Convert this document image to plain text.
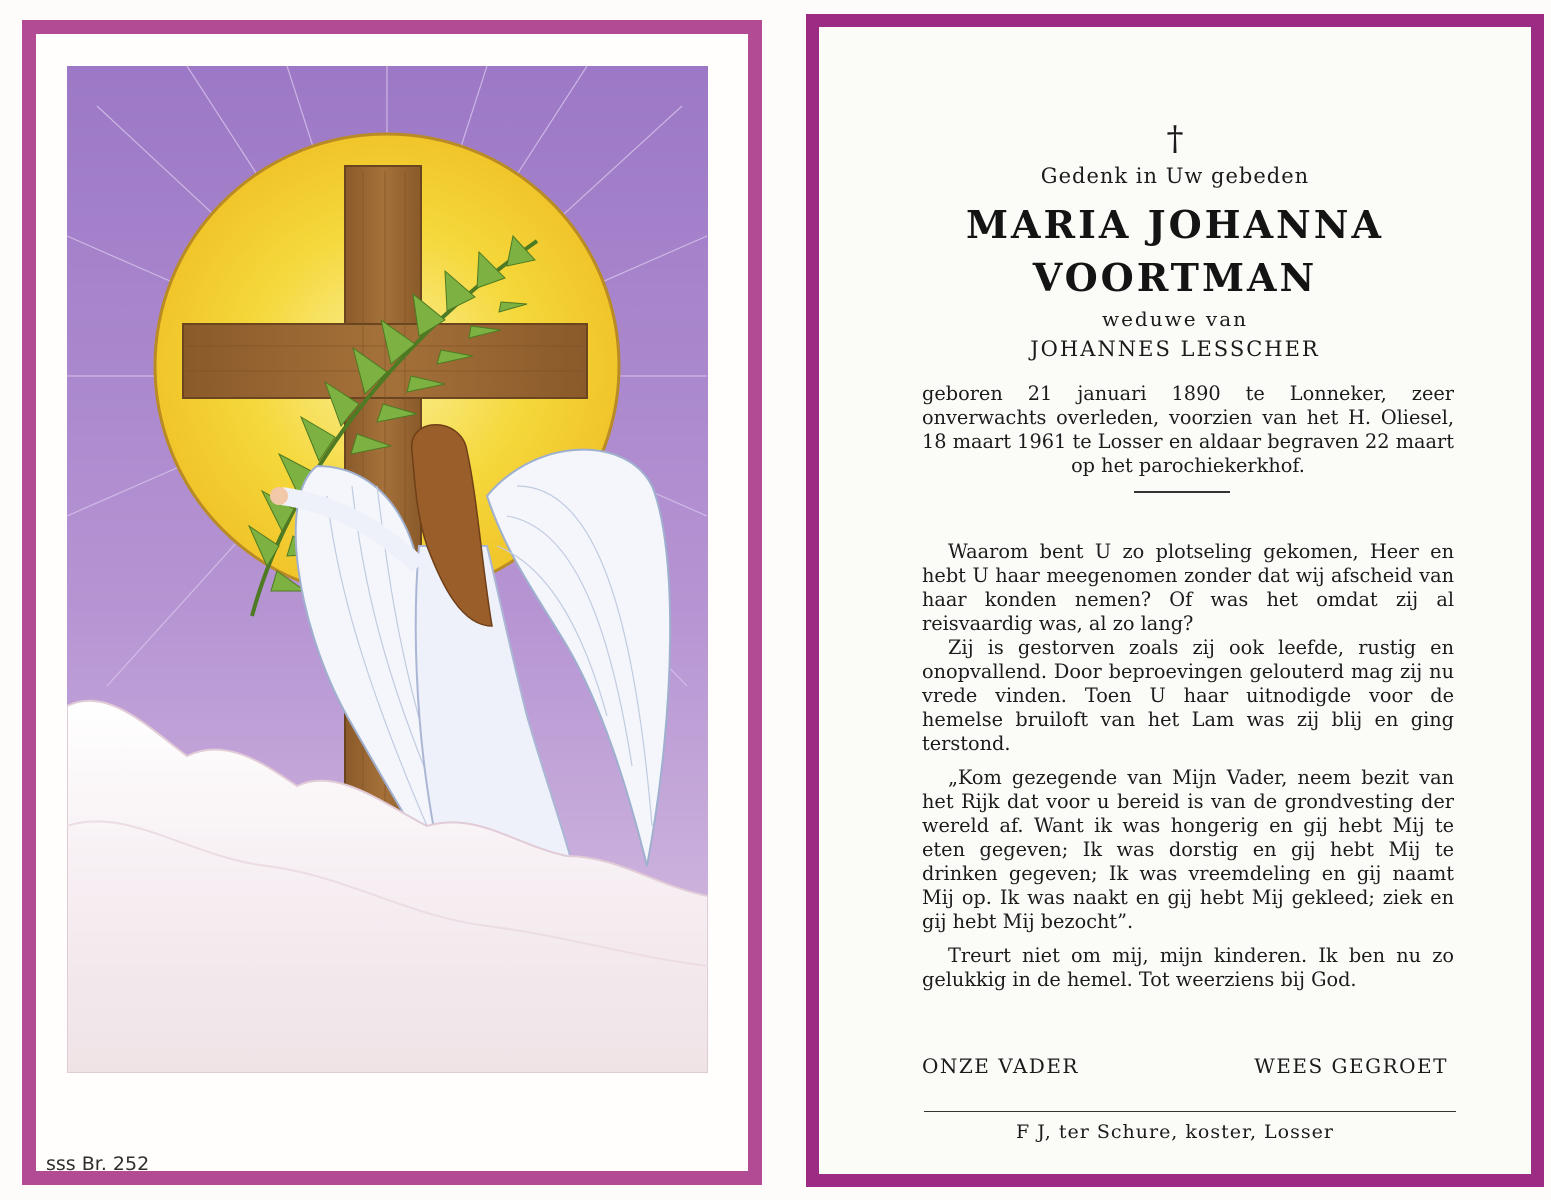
sss Br. 252
†
Gedenk in Uw gebeden
MARIA JOHANNA
VOORTMAN
weduwe van
JOHANNES LESSCHER

geboren 21 januari 1890 te Lonneker, zeer onverwachts overleden, voorzien van het H. Oliesel, 18 maart 1961 te Losser en aldaar begraven 22 maart op het parochiekerkhof.

Waarom bent U zo plotseling gekomen, Heer en hebt U haar meegenomen zonder dat wij afscheid van haar konden nemen? Of was het omdat zij al reisvaardig was, al zo lang?

Zij is gestorven zoals zij ook leefde, rustig en onopvallend. Door beproevingen gelouterd mag zij nu vrede vinden. Toen U haar uitnodigde voor de hemelse bruiloft van het Lam was zij blij en ging terstond.

„Kom gezegende van Mijn Vader, neem bezit van het Rijk dat voor u bereid is van de grondvesting der wereld af. Want ik was hongerig en gij hebt Mij te eten gegeven; Ik was dorstig en gij hebt Mij te drinken gegeven; Ik was vreemdeling en gij naamt Mij op. Ik was naakt en gij hebt Mij gekleed; ziek en gij hebt Mij bezocht”.

Treurt niet om mij, mijn kinderen. Ik ben nu zo gelukkig in de hemel. Tot weerziens bij God.

ONZE VADER	WEES GEGROET
F J, ter Schure, koster, Losser
